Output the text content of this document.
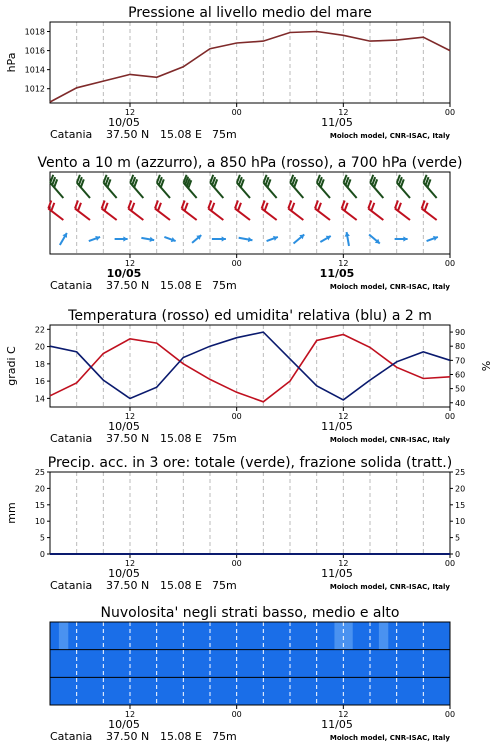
hPa
Pressione al livello medio del mare
12	00	12	00
10/05	11/05
Catania 37.50 N 15.08 E 75m	Moloch model, CNR-ISAC, Italy
1012
1014
1016
1018
Vento a 10 m (azzurro), a 850 hPa (rosso), a 700 hPa (verde)
12	00	12	00
10/05	11/05
Catania 37.50 N 15.08 E 75m	Moloch model, CNR-ISAC, Italy
gradi C	%
Temperatura (rosso) ed umidita' relativa (blu) a 2 m
12	00	12	00
10/05	11/05
Catania 37.50 N 15.08 E 75m	Moloch model, CNR-ISAC, Italy
14
16
18
20
22
40
50
60
70
80
90
mm
Precip. acc. in 3 ore: totale (verde), frazione solida (tratt.)
12	00	12	00
10/05	11/05
Catania 37.50 N 15.08 E 75m	Moloch model, CNR-ISAC, Italy
0	0
5	5
10	10
15	15
20	20
25	25
Nuvolosita' negli strati basso, medio e alto
12	00	12	00
10/05	11/05
Catania 37.50 N 15.08 E 75m	Moloch model, CNR-ISAC, Italy
